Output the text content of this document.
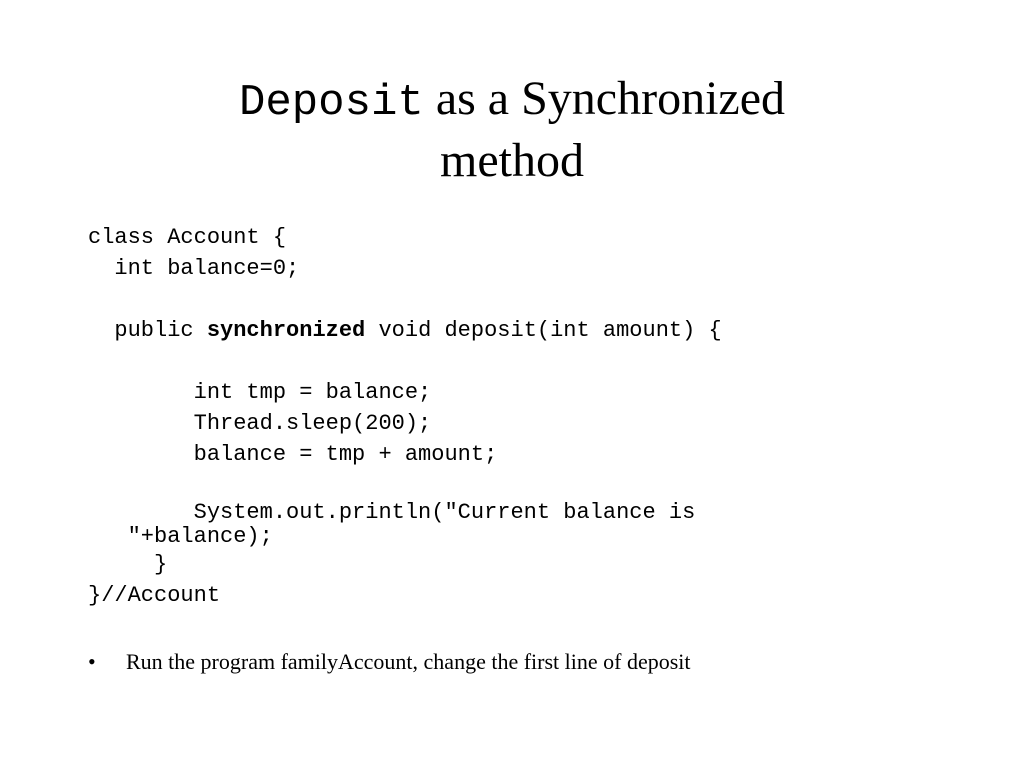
Deposit as a Synchronized
method
class Account {
int balance=0;
public synchronized void deposit(int amount) {
int tmp = balance;
Thread.sleep(200);
balance = tmp + amount;
System.out.println("Current balance is
"+balance);
}
}//Account
•	Run the program familyAccount, change the first line of deposit
